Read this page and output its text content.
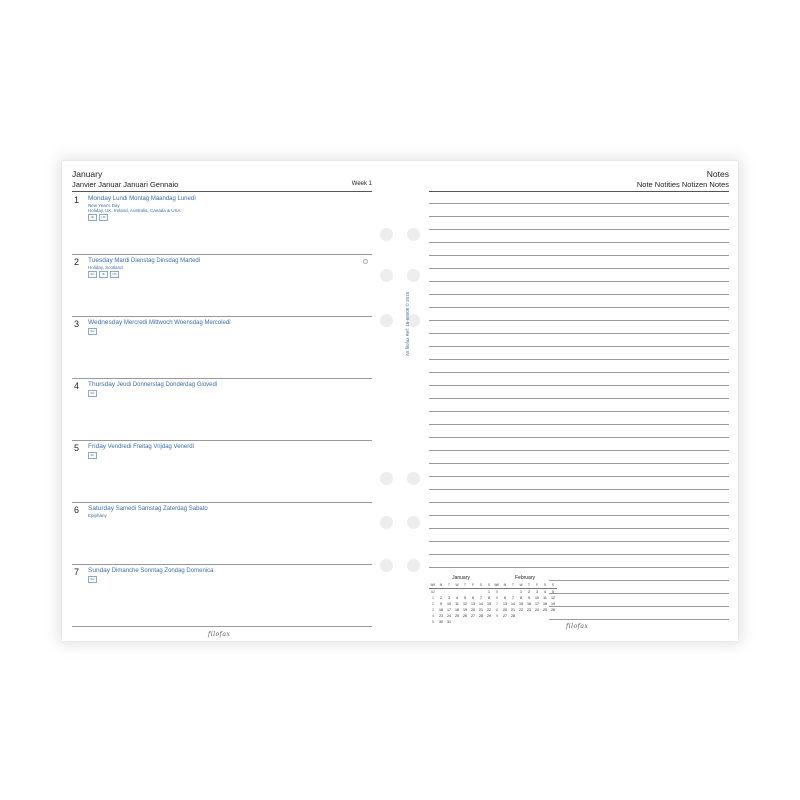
January
Janvier Januar Januari Gennaio	Week 1
1 Monday Lundi Montag Maandag Lunedì
New Year's Day
Holiday, UK, Ireland, Australia, Canada & USA
IE	UK
2 Tuesday Mardi Dienstag Dinsdag Martedì
Holiday, Scotland
SC	IE	UK
3 Wednesday Mercredi Mittwoch Woensdag Mercoledì
SC
4 Thursday Jeudi Donnerstag Donderdag Giovedì
SC
5 Friday Vendredi Freitag Vrijdag Venerdì
SC
6 Saturday Samedi Samstag Zaterdag Sabato
Epiphany
7 Sunday Dimanche Sonntag Zondag Domenica
SC
filofax
A5 filofax Ref: 18-68508 © 2016
Notes
Note Notities Notizen Notes
January
WK	M	T	W	T	F	S	S
52							1
1	2	3	4	5	6	7	8
2	9	10	11	12	13	14	15
3	16	17	18	19	20	21	22
4	23	24	25	26	27	28	29
5	30	31					
February
WK	M	T	W	T	F	S	S
5			1	2	3	4	5
6	6	7	8	9	10	11	12
7	13	14	15	16	17	18	19
8	20	21	22	23	24	25	26
9	27	28					
filofax
